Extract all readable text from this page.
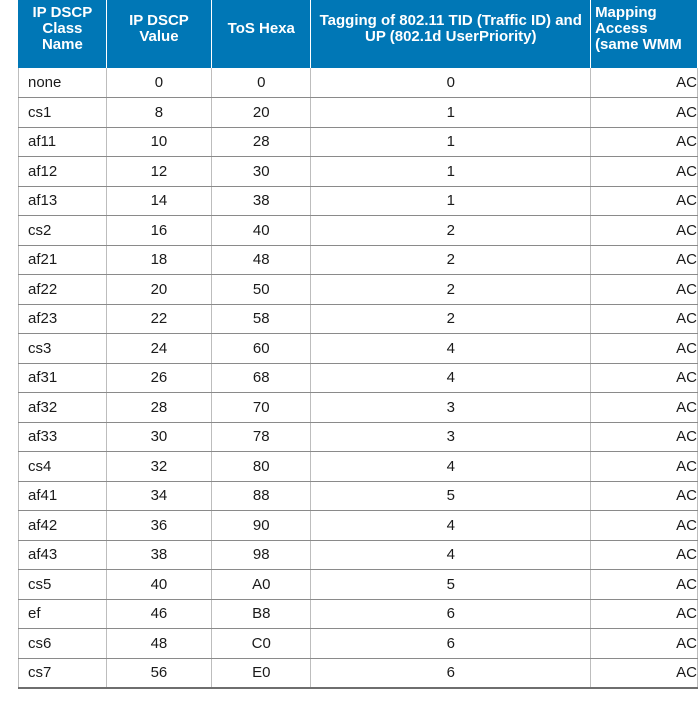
IP DSCP Class Name	IP DSCP Value	ToS Hexa	Tagging of 802.11 TID (Traffic ID) and UP (802.1d UserPriority)	Mapping Access (same WMM
none	0	0	0	AC
cs1	8	20	1	AC
af11	10	28	1	AC
af12	12	30	1	AC
af13	14	38	1	AC
cs2	16	40	2	AC
af21	18	48	2	AC
af22	20	50	2	AC
af23	22	58	2	AC
cs3	24	60	4	AC
af31	26	68	4	AC
af32	28	70	3	AC
af33	30	78	3	AC
cs4	32	80	4	AC
af41	34	88	5	AC
af42	36	90	4	AC
af43	38	98	4	AC
cs5	40	A0	5	AC
ef	46	B8	6	AC
cs6	48	C0	6	AC
cs7	56	E0	6	AC
